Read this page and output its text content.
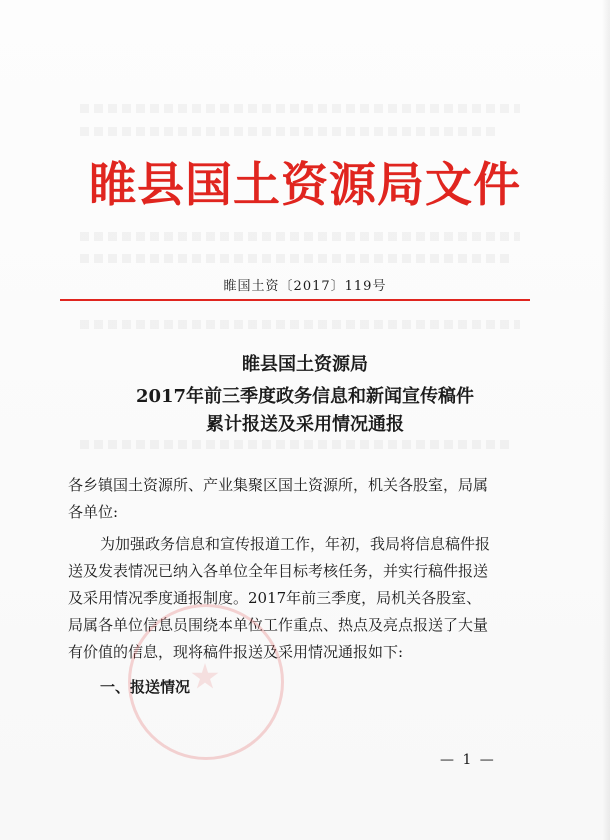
睢县国土资源局文件
睢国土资〔2017〕119号
睢县国土资源局
2017年前三季度政务信息和新闻宣传稿件
累计报送及采用情况通报
各乡镇国土资源所、产业集聚区国土资源所，机关各股室，局属
各单位:
为加强政务信息和宣传报道工作，年初，我局将信息稿件报
送及发表情况已纳入各单位全年目标考核任务，并实行稿件报送
及采用情况季度通报制度。2017年前三季度，局机关各股室、
局属各单位信息员围绕本单位工作重点、热点及亮点报送了大量
有价值的信息，现将稿件报送及采用情况通报如下:
一、报送情况
— 1 —
